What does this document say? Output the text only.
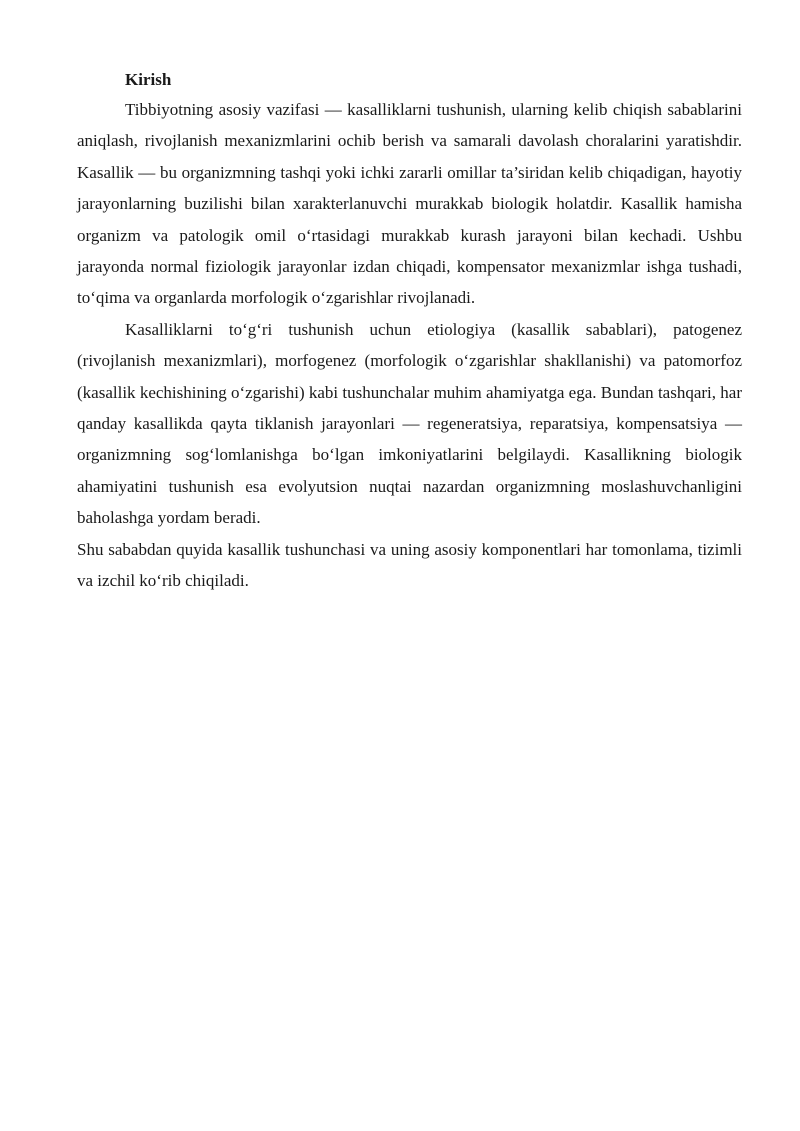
Kirish

Tibbiyotning asosiy vazifasi — kasalliklarni tushunish, ularning kelib chiqish sabablarini aniqlash, rivojlanish mexanizmlarini ochib berish va samarali davolash choralarini yaratishdir. Kasallik — bu organizmning tashqi yoki ichki zararli omillar ta’siridan kelib chiqadigan, hayotiy jarayonlarning buzilishi bilan xarakterlanuvchi murakkab biologik holatdir. Kasallik hamisha organizm va patologik omil o‘rtasidagi murakkab kurash jarayoni bilan kechadi. Ushbu jarayonda normal fiziologik jarayonlar izdan chiqadi, kompensator mexanizmlar ishga tushadi, to‘qima va organlarda morfologik o‘zgarishlar rivojlanadi.

Kasalliklarni to‘g‘ri tushunish uchun etiologiya (kasallik sabablari), patogenez (rivojlanish mexanizmlari), morfogenez (morfologik o‘zgarishlar shakllanishi) va patomorfoz (kasallik kechishining o‘zgarishi) kabi tushunchalar muhim ahamiyatga ega. Bundan tashqari, har qanday kasallikda qayta tiklanish jarayonlari — regeneratsiya, reparatsiya, kompensatsiya — organizmning sog‘lomlanishga bo‘lgan imkoniyatlarini belgilaydi. Kasallikning biologik ahamiyatini tushunish esa evolyutsion nuqtai nazardan organizmning moslashuvchanligini baholashga yordam beradi.

Shu sababdan quyida kasallik tushunchasi va uning asosiy komponentlari har tomonlama, tizimli va izchil ko‘rib chiqiladi.
